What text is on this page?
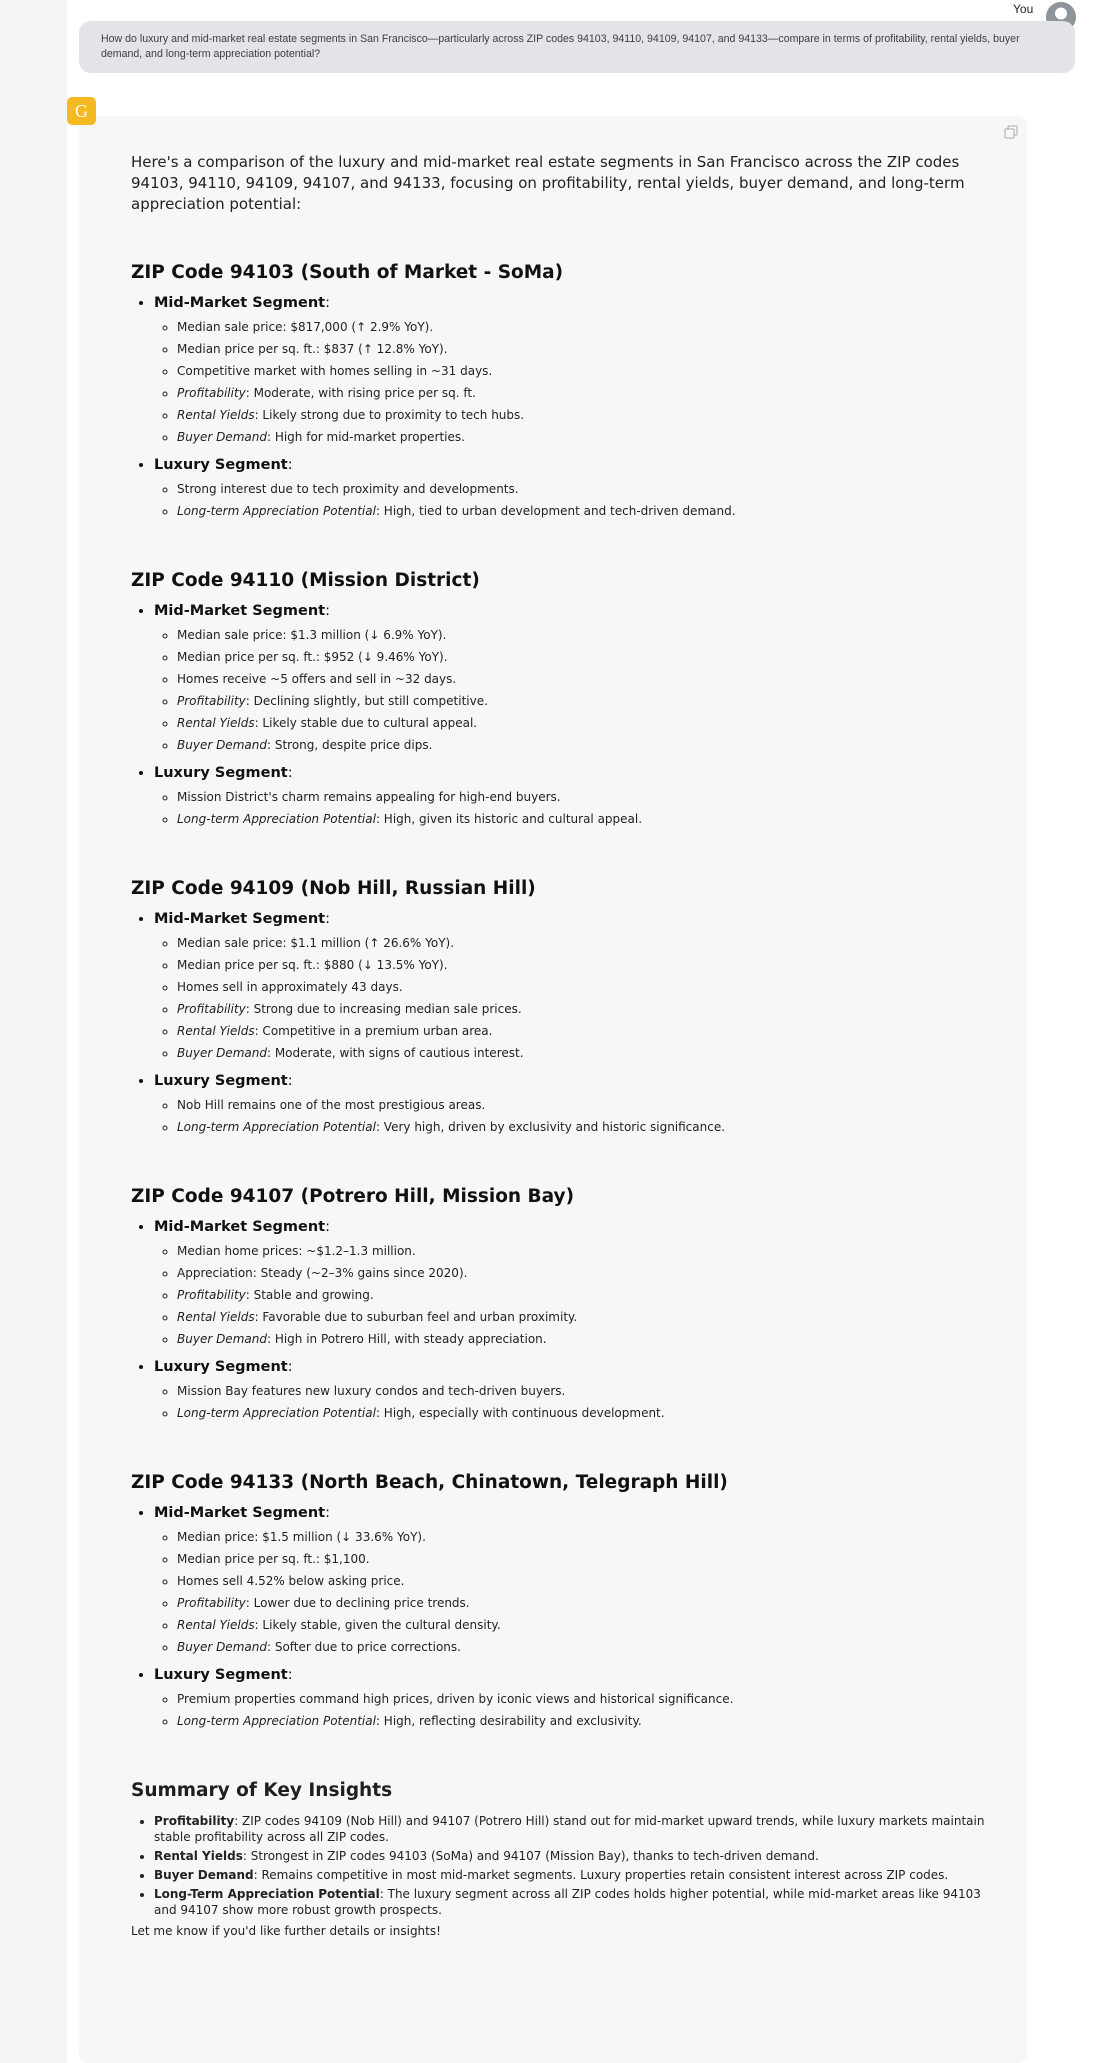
You
How do luxury and mid-market real estate segments in San Francisco—particularly across ZIP codes 94103, 94110, 94109, 94107, and 94133—compare in terms of profitability, rental yields, buyer demand, and long-term appreciation potential?
G

Here's a comparison of the luxury and mid-market real estate segments in San Francisco across the ZIP codes 94103, 94110, 94109, 94107, and 94133, focusing on profitability, rental yields, buyer demand, and long-term appreciation potential:

ZIP Code 94103 (South of Market - SoMa)
• Mid-Market Segment:
◦ Median sale price: $817,000 (↑ 2.9% YoY).
◦ Median price per sq. ft.: $837 (↑ 12.8% YoY).
◦ Competitive market with homes selling in ~31 days.
◦ Profitability: Moderate, with rising price per sq. ft.
◦ Rental Yields: Likely strong due to proximity to tech hubs.
◦ Buyer Demand: High for mid-market properties.
• Luxury Segment:
◦ Strong interest due to tech proximity and developments.
◦ Long-term Appreciation Potential: High, tied to urban development and tech-driven demand.
ZIP Code 94110 (Mission District)
• Mid-Market Segment:
◦ Median sale price: $1.3 million (↓ 6.9% YoY).
◦ Median price per sq. ft.: $952 (↓ 9.46% YoY).
◦ Homes receive ~5 offers and sell in ~32 days.
◦ Profitability: Declining slightly, but still competitive.
◦ Rental Yields: Likely stable due to cultural appeal.
◦ Buyer Demand: Strong, despite price dips.
• Luxury Segment:
◦ Mission District's charm remains appealing for high-end buyers.
◦ Long-term Appreciation Potential: High, given its historic and cultural appeal.
ZIP Code 94109 (Nob Hill, Russian Hill)
• Mid-Market Segment:
◦ Median sale price: $1.1 million (↑ 26.6% YoY).
◦ Median price per sq. ft.: $880 (↓ 13.5% YoY).
◦ Homes sell in approximately 43 days.
◦ Profitability: Strong due to increasing median sale prices.
◦ Rental Yields: Competitive in a premium urban area.
◦ Buyer Demand: Moderate, with signs of cautious interest.
• Luxury Segment:
◦ Nob Hill remains one of the most prestigious areas.
◦ Long-term Appreciation Potential: Very high, driven by exclusivity and historic significance.
ZIP Code 94107 (Potrero Hill, Mission Bay)
• Mid-Market Segment:
◦ Median home prices: ~$1.2–1.3 million.
◦ Appreciation: Steady (~2–3% gains since 2020).
◦ Profitability: Stable and growing.
◦ Rental Yields: Favorable due to suburban feel and urban proximity.
◦ Buyer Demand: High in Potrero Hill, with steady appreciation.
• Luxury Segment:
◦ Mission Bay features new luxury condos and tech-driven buyers.
◦ Long-term Appreciation Potential: High, especially with continuous development.
ZIP Code 94133 (North Beach, Chinatown, Telegraph Hill)
• Mid-Market Segment:
◦ Median price: $1.5 million (↓ 33.6% YoY).
◦ Median price per sq. ft.: $1,100.
◦ Homes sell 4.52% below asking price.
◦ Profitability: Lower due to declining price trends.
◦ Rental Yields: Likely stable, given the cultural density.
◦ Buyer Demand: Softer due to price corrections.
• Luxury Segment:
◦ Premium properties command high prices, driven by iconic views and historical significance.
◦ Long-term Appreciation Potential: High, reflecting desirability and exclusivity.
Summary of Key Insights
• Profitability: ZIP codes 94109 (Nob Hill) and 94107 (Potrero Hill) stand out for mid-market upward trends, while luxury markets maintain stable profitability across all ZIP codes.
• Rental Yields: Strongest in ZIP codes 94103 (SoMa) and 94107 (Mission Bay), thanks to tech-driven demand.
• Buyer Demand: Remains competitive in most mid-market segments. Luxury properties retain consistent interest across ZIP codes.
• Long-Term Appreciation Potential: The luxury segment across all ZIP codes holds higher potential, while mid-market areas like 94103 and 94107 show more robust growth prospects.

Let me know if you'd like further details or insights!
